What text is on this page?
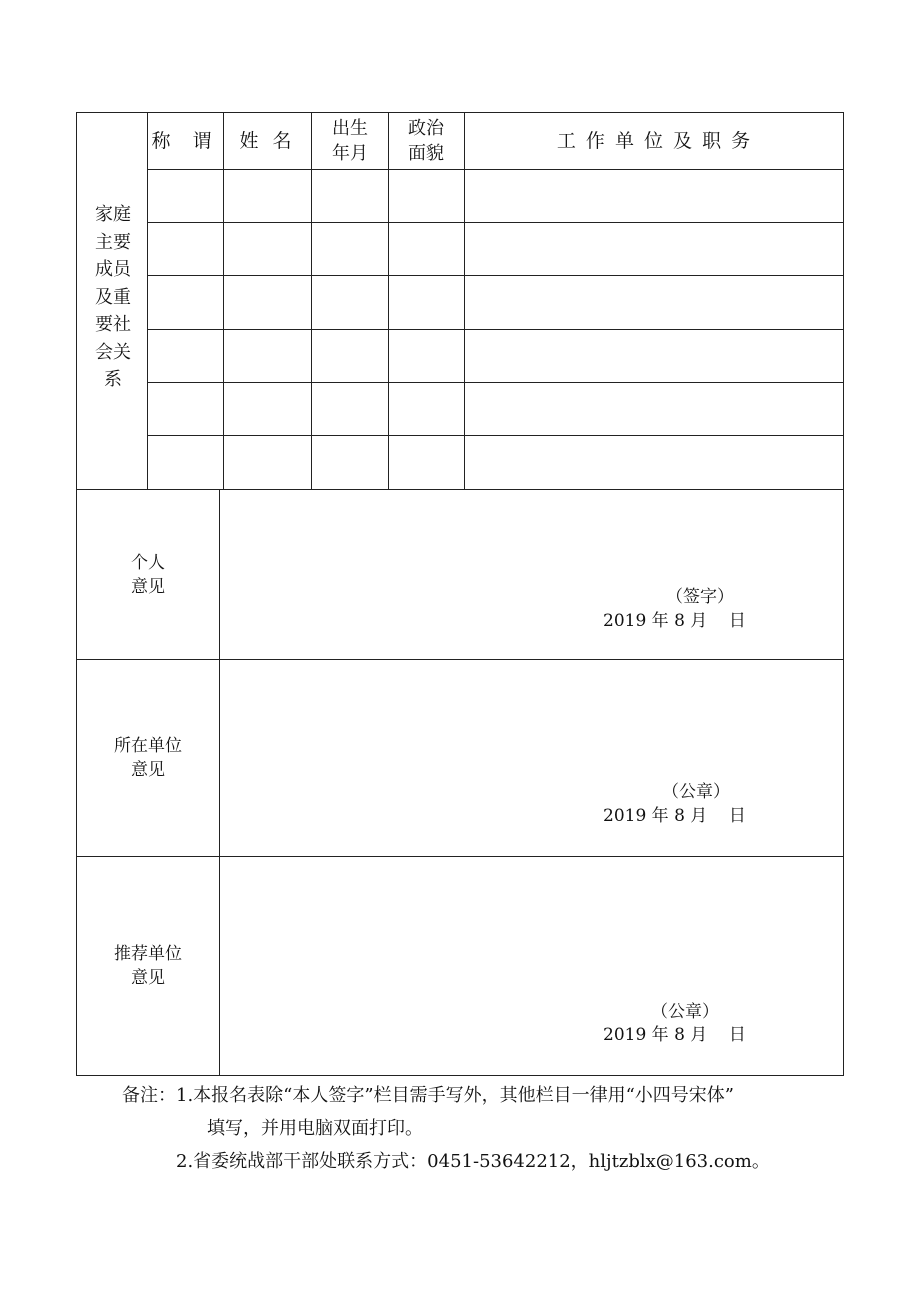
家庭主要成员及重要社会关系
称 谓	姓 名
出生年月
政治面貌
工 作 单 位 及 职 务
个人
意见	（签字）
2019 年 8 月    日
所在单位
意见
（公章）
2019 年 8 月    日
推荐单位
意见
（公章）
2019 年 8 月    日
备注：1.本报名表除“本人签字”栏目需手写外，其他栏目一律用“小四号宋体”
填写，并用电脑双面打印。
2.省委统战部干部处联系方式：0451-53642212，hljtzblx@163.com。
